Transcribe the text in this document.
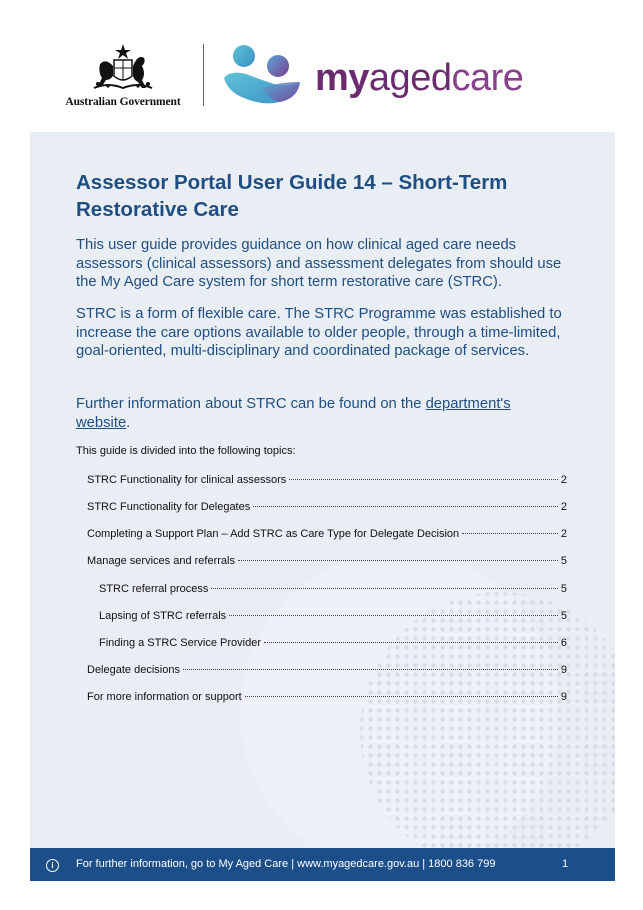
Australian Government
myagedcare
Assessor Portal User Guide 14 – Short-Term Restorative Care

This user guide provides guidance on how clinical aged care needs assessors (clinical assessors) and assessment delegates from should use the My Aged Care system for short term restorative care (STRC).

STRC is a form of flexible care. The STRC Programme was established to increase the care options available to older people, through a time-limited, goal-oriented, multi-disciplinary and coordinated package of services.

Further information about STRC can be found on the department's website.

This guide is divided into the following topics:

STRC Functionality for clinical assessors	2
STRC Functionality for Delegates	2
Completing a Support Plan – Add STRC as Care Type for Delegate Decision	2
Manage services and referrals	5
STRC referral process	5
Lapsing of STRC referrals	5
Finding a STRC Service Provider	6
Delegate decisions	9
For more information or support	9
i	For further information, go to My Aged Care | www.myagedcare.gov.au | 1800 836 799	1
